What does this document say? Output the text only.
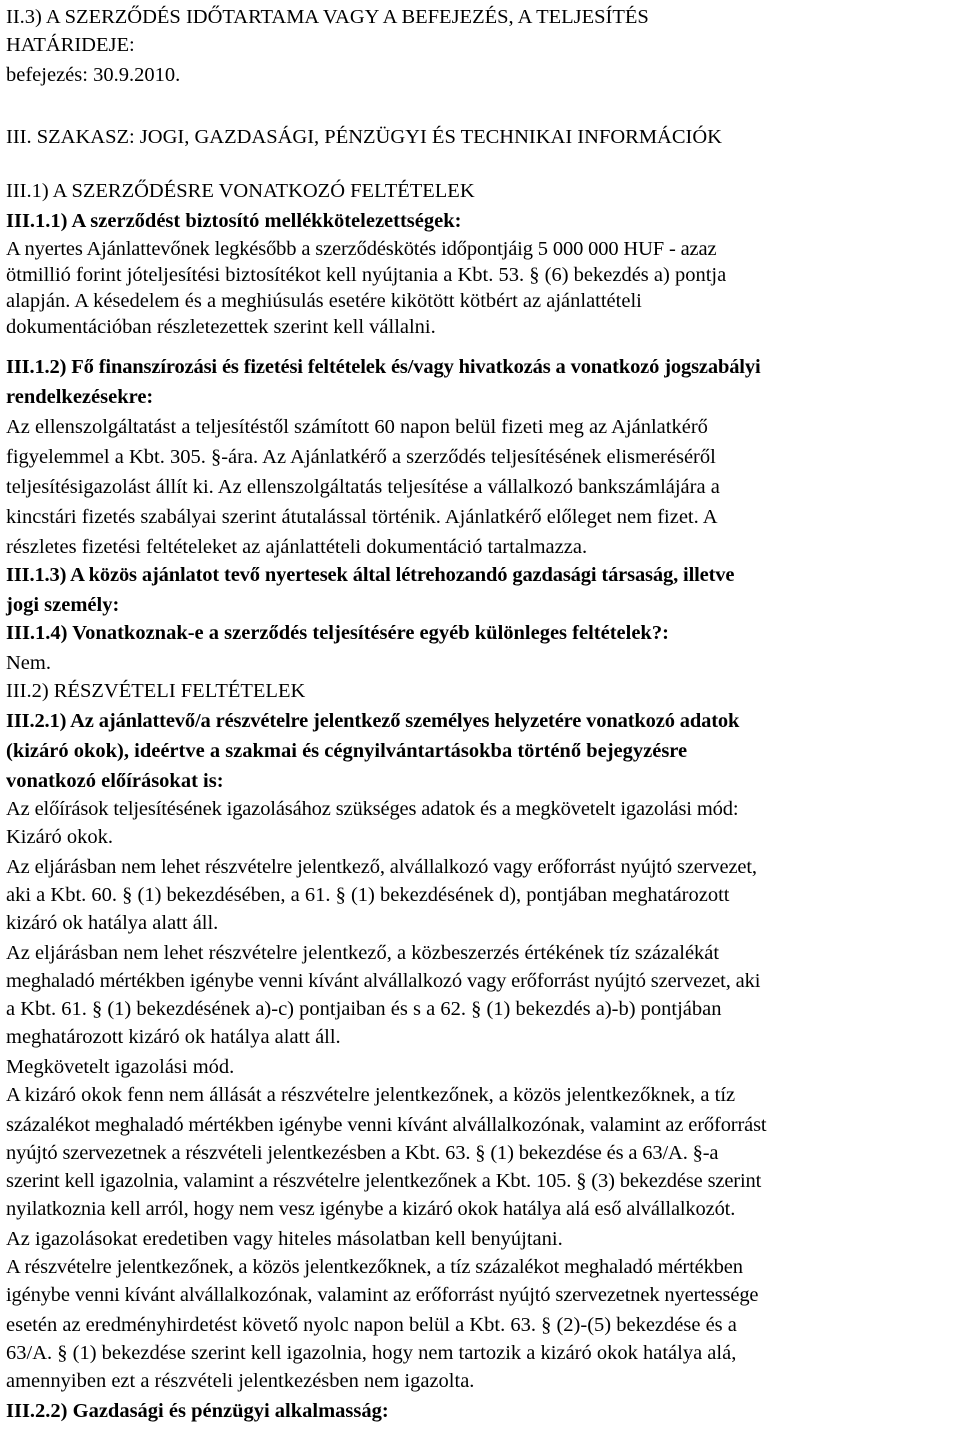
II.3) A SZERZŐDÉS IDŐTARTAMA VAGY A BEFEJEZÉS, A TELJESÍTÉS
HATÁRIDEJE:
befejezés: 30.9.2010.
III. SZAKASZ: JOGI, GAZDASÁGI, PÉNZÜGYI ÉS TECHNIKAI INFORMÁCIÓK
III.1) A SZERZŐDÉSRE VONATKOZÓ FELTÉTELEK
III.1.1) A szerződést biztosító mellékkötelezettségek:
A nyertes Ajánlattevőnek legkésőbb a szerződéskötés időpontjáig 5 000 000 HUF - azaz
ötmillió forint jóteljesítési biztosítékot kell nyújtania a Kbt. 53. § (6) bekezdés a) pontja
alapján. A késedelem és a meghiúsulás esetére kikötött kötbért az ajánlattételi
dokumentációban részletezettek szerint kell vállalni.
III.1.2) Fő finanszírozási és fizetési feltételek és/vagy hivatkozás a vonatkozó jogszabályi
rendelkezésekre:
Az ellenszolgáltatást a teljesítéstől számított 60 napon belül fizeti meg az Ajánlatkérő
figyelemmel a Kbt. 305. §-ára. Az Ajánlatkérő a szerződés teljesítésének elismeréséről
teljesítésigazolást állít ki. Az ellenszolgáltatás teljesítése a vállalkozó bankszámlájára a
kincstári fizetés szabályai szerint átutalással történik. Ajánlatkérő előleget nem fizet. A
részletes fizetési feltételeket az ajánlattételi dokumentáció tartalmazza.
III.1.3) A közös ajánlatot tevő nyertesek által létrehozandó gazdasági társaság, illetve
jogi személy:
III.1.4) Vonatkoznak-e a szerződés teljesítésére egyéb különleges feltételek?:
Nem.
III.2) RÉSZVÉTELI FELTÉTELEK
III.2.1) Az ajánlattevő/a részvételre jelentkező személyes helyzetére vonatkozó adatok
(kizáró okok), ideértve a szakmai és cégnyilvántartásokba történő bejegyzésre
vonatkozó előírásokat is:
Az előírások teljesítésének igazolásához szükséges adatok és a megkövetelt igazolási mód:
Kizáró okok.
Az eljárásban nem lehet részvételre jelentkező, alvállalkozó vagy erőforrást nyújtó szervezet,
aki a Kbt. 60. § (1) bekezdésében, a 61. § (1) bekezdésének d), pontjában meghatározott
kizáró ok hatálya alatt áll.
Az eljárásban nem lehet részvételre jelentkező, a közbeszerzés értékének tíz százalékát
meghaladó mértékben igénybe venni kívánt alvállalkozó vagy erőforrást nyújtó szervezet, aki
a Kbt. 61. § (1) bekezdésének a)-c) pontjaiban és s a 62. § (1) bekezdés a)-b) pontjában
meghatározott kizáró ok hatálya alatt áll.
Megkövetelt igazolási mód.
A kizáró okok fenn nem állását a részvételre jelentkezőnek, a közös jelentkezőknek, a tíz
százalékot meghaladó mértékben igénybe venni kívánt alvállalkozónak, valamint az erőforrást
nyújtó szervezetnek a részvételi jelentkezésben a Kbt. 63. § (1) bekezdése és a 63/A. §-a
szerint kell igazolnia, valamint a részvételre jelentkezőnek a Kbt. 105. § (3) bekezdése szerint
nyilatkoznia kell arról, hogy nem vesz igénybe a kizáró okok hatálya alá eső alvállalkozót.
Az igazolásokat eredetiben vagy hiteles másolatban kell benyújtani.
A részvételre jelentkezőnek, a közös jelentkezőknek, a tíz százalékot meghaladó mértékben
igénybe venni kívánt alvállalkozónak, valamint az erőforrást nyújtó szervezetnek nyertessége
esetén az eredményhirdetést követő nyolc napon belül a Kbt. 63. § (2)-(5) bekezdése és a
63/A. § (1) bekezdése szerint kell igazolnia, hogy nem tartozik a kizáró okok hatálya alá,
amennyiben ezt a részvételi jelentkezésben nem igazolta.
III.2.2) Gazdasági és pénzügyi alkalmasság:
